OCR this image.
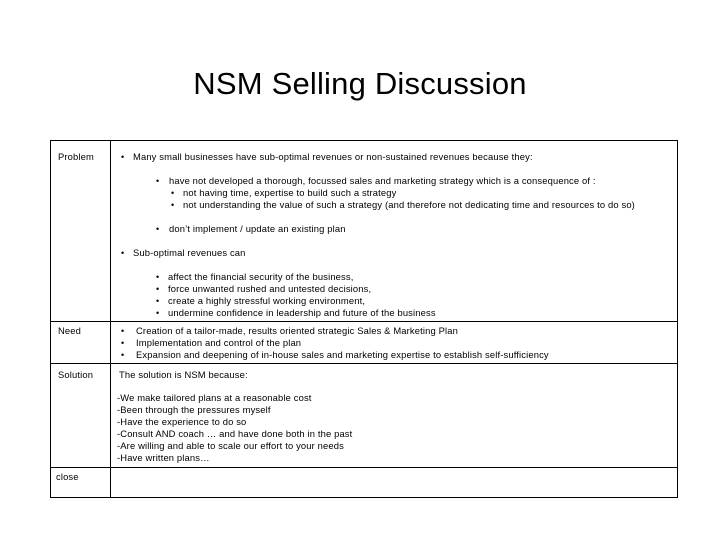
NSM Selling Discussion
Problem	• Many small businesses have sub-optimal revenues or non-sustained revenues because they:
• have not developed a thorough, focussed sales and marketing strategy which is a consequence of :
• not having time, expertise to build such a strategy
• not understanding the value of such a strategy (and therefore not dedicating time and resources to do so)
• don’t implement / update an existing plan
• Sub-optimal revenues can
• affect the financial security of the business,
• force unwanted rushed and untested decisions,
• create a highly stressful working environment,
• undermine confidence in leadership and future of the business
Need	• Creation of a tailor-made, results oriented strategic Sales & Marketing Plan
• Implementation and control of the plan
• Expansion and deepening of in-house sales and marketing expertise to establish self-sufficiency
Solution	The solution is NSM because:
-We make tailored plans at a reasonable cost
-Been through the pressures myself
-Have the experience to do so
-Consult AND coach … and have done both in the past
-Are willing and able to scale our effort to your needs
-Have written plans…
close
